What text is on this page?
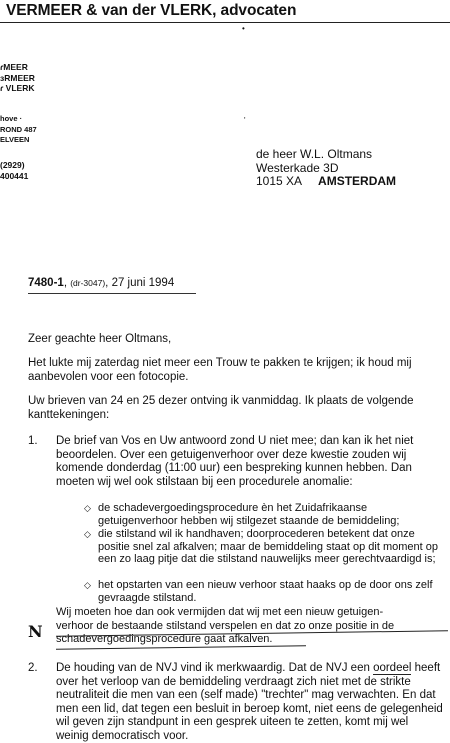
VERMEER & van der VLERK, advocaten
•
ɾMEER
ɜRMEER
ɾ VLERK
hove ·
ROND 487
ELVEEN
(2929)
400441
'
de heer W.L. Oltmans
Westerkade 3D
1015 XA AMSTERDAM
7480-1, (dr-3047), 27 juni 1994
Zeer geachte heer Oltmans,
Het lukte mij zaterdag niet meer een Trouw te pakken te krijgen; ik houd mij aanbevolen voor een fotocopie.
Uw brieven van 24 en 25 dezer ontving ik vanmiddag. Ik plaats de volgende kanttekeningen:
1. De brief van Vos en Uw antwoord zond U niet mee; dan kan ik het niet beoordelen. Over een getuigenverhoor over deze kwestie zouden wij komende donderdag (11:00 uur) een bespreking kunnen hebben. Dan moeten wij wel ook stilstaan bij een procedurele anomalie:
◇ de schadevergoedingsprocedure èn het Zuidafrikaanse getuigenverhoor hebben wij stilgezet staande de bemiddeling;
◇ die stilstand wil ik handhaven; doorprocederen betekent dat onze positie snel zal afkalven; maar de bemiddeling staat op dit moment op een zo laag pitje dat die stilstand nauwelijks meer gerechtvaardigd is;
◇ het opstarten van een nieuw verhoor staat haaks op de door ons zelf gevraagde stilstand.
Wij moeten hoe dan ook vermijden dat wij met een nieuw getuigen-
verhoor de bestaande stilstand verspelen en dat zo onze positie in de
schadevergoedingsprocedure gaat afkalven.
N
2. De houding van de NVJ vind ik merkwaardig. Dat de NVJ een oordeel heeft over het verloop van de bemiddeling verdraagt zich niet met de strikte neutraliteit die men van een (self made) "trechter" mag verwachten. En dat men een lid, dat tegen een besluit in beroep komt, niet eens de gelegenheid wil geven zijn standpunt in een gesprek uiteen te zetten, komt mij wel weinig democratisch voor.
